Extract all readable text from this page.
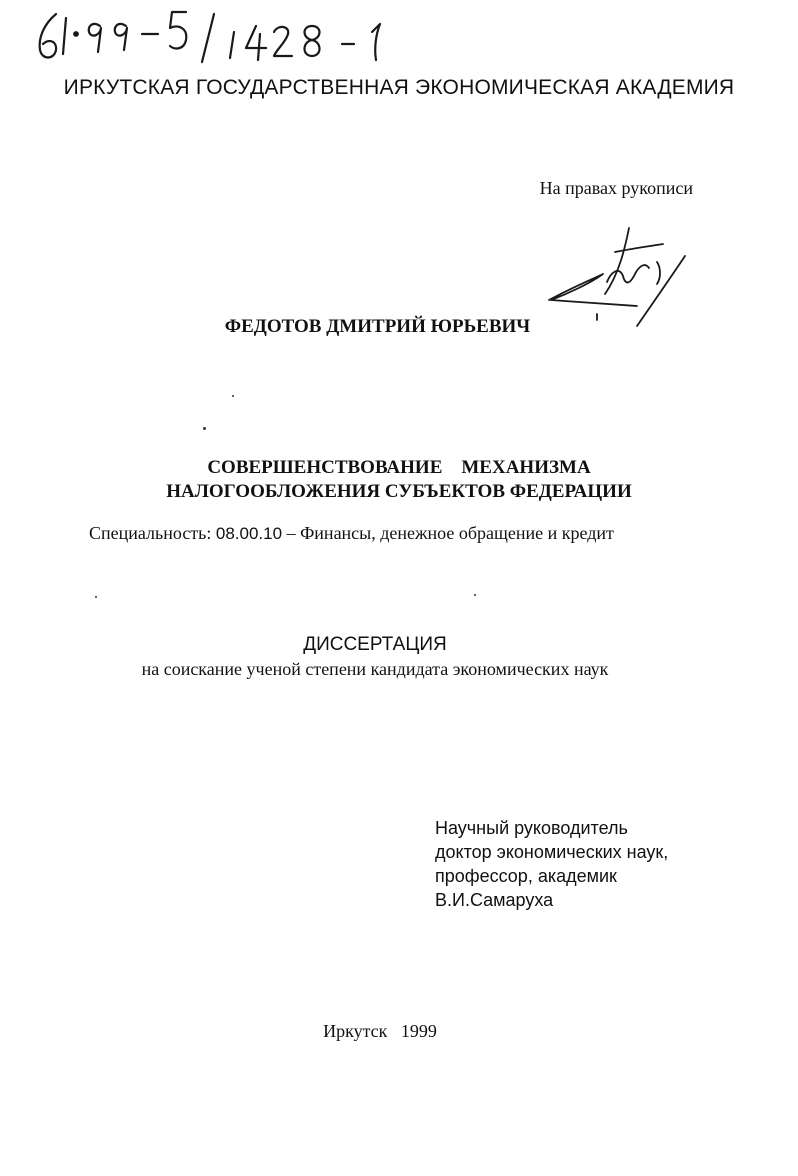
61 · 99 - 5 / 1428 - 1
ИРКУТСКАЯ ГОСУДАРСТВЕННАЯ ЭКОНОМИЧЕСКАЯ АКАДЕМИЯ
На правах рукописи
ФЕДОТОВ ДМИТРИЙ ЮРЬЕВИЧ
СОВЕРШЕНСТВОВАНИЕ    МЕХАНИЗМА
НАЛОГООБЛОЖЕНИЯ СУБЪЕКТОВ ФЕДЕРАЦИИ
Специальность: 08.00.10 – Финансы, денежное обращение и кредит
ДИССЕРТАЦИЯ
на соискание ученой степени кандидата экономических наук
Научный руководитель
доктор экономических наук,
профессор, академик
В.И.Самаруха
Иркутск   1999
